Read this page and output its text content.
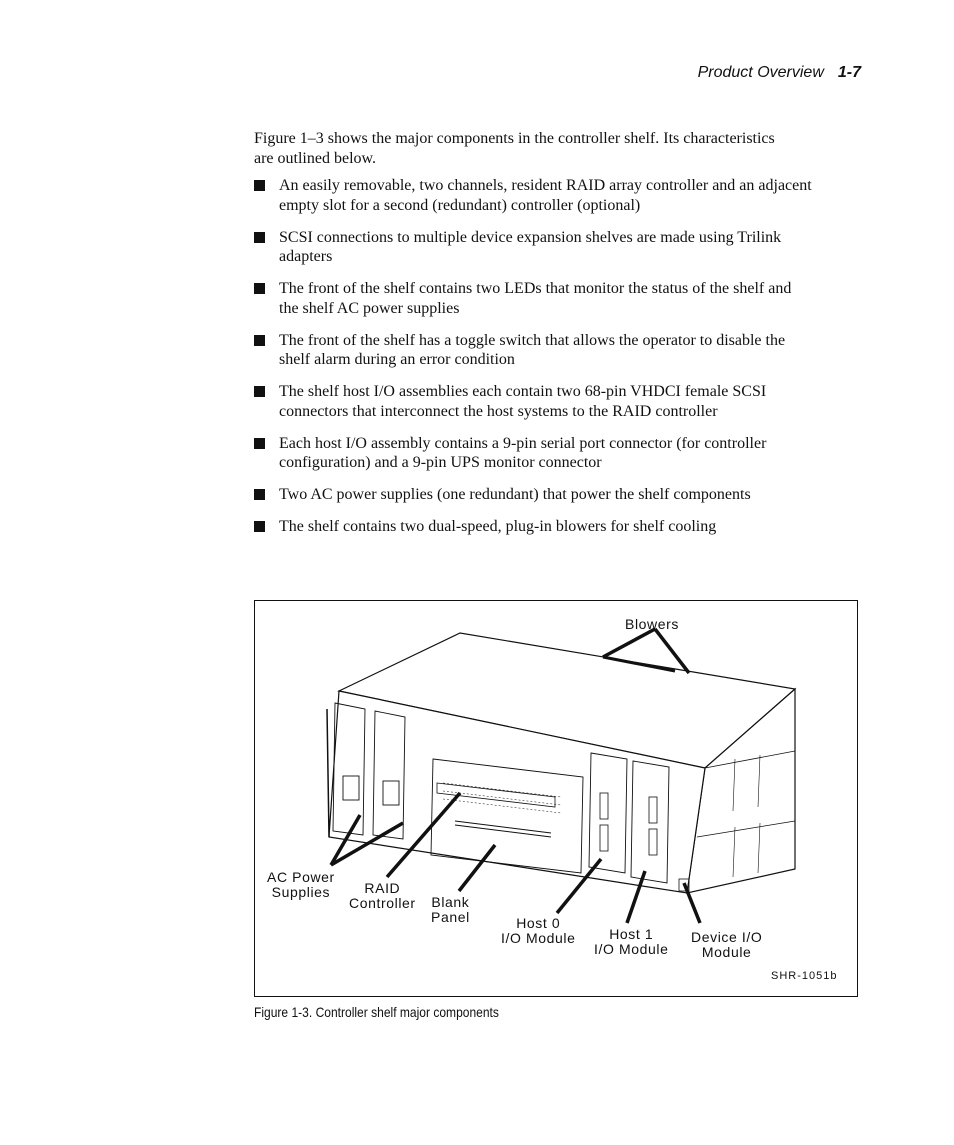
Product Overview 1-7

Figure 1–3 shows the major components in the controller shelf. Its characteristics are outlined below.

An easily removable, two channels, resident RAID array controller and an adjacent empty slot for a second (redundant) controller (optional)
SCSI connections to multiple device expansion shelves are made using Trilink adapters
The front of the shelf contains two LEDs that monitor the status of the shelf and the shelf AC power supplies
The front of the shelf has a toggle switch that allows the operator to disable the shelf alarm during an error condition
The shelf host I/O assemblies each contain two 68-pin VHDCI female SCSI connectors that interconnect the host systems to the RAID controller
Each host I/O assembly contains a 9-pin serial port connector (for controller configuration) and a 9-pin UPS monitor connector
Two AC power supplies (one redundant) that power the shelf components
The shelf contains two dual-speed, plug-in blowers for shelf cooling
Blowers
AC Power
Supplies	RAID
Controller Blank
Panel	Host 0
I/O Module	Host 1
I/O Module
Device I/O
Module
SHR-1051b
Figure 1-3. Controller shelf major components
